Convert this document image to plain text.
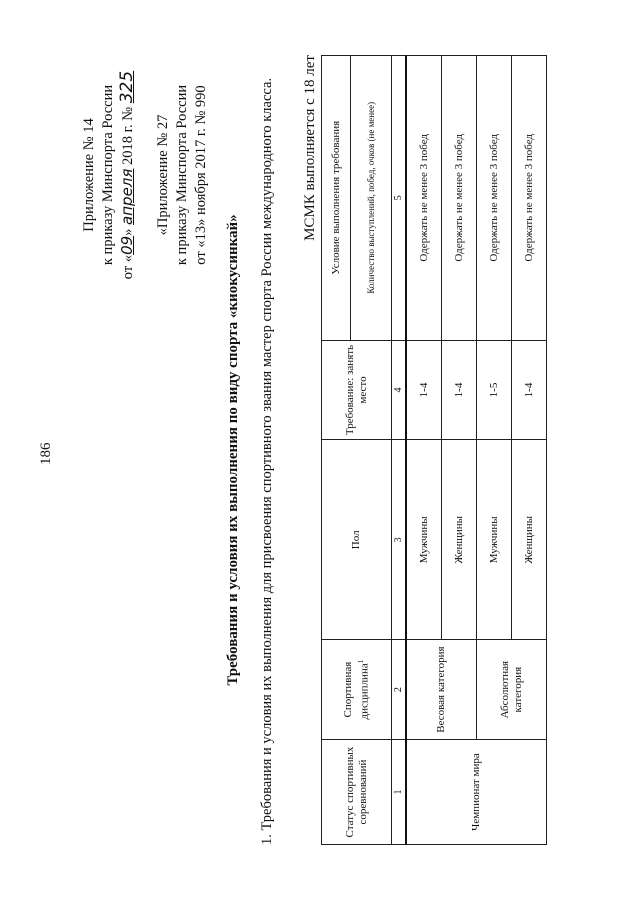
186
Приложение № 14 к приказу Минспорта России
от «09» апреля 2018 г. № 325
«Приложение № 27 к приказу Минспорта России от «13» ноября 2017 г. № 990
Требования и условия их выполнения по виду спорта «киокусинкай» 1. Требования и условия их выполнения для присвоения спортивного звания мастер спорта России международного класса. МСМК выполняется с 18 лет
Статус спортивных соревнований	Спортивная дисциплина$^1$	Пол	Требование: занять место	Условие выполнения требования
				Количество выступлений, побед, очков (не менее)
1	2	3	4	5
Чемпионат мира	Весовая категория	Мужчины	1-4	Одержать не менее 3 побед
		Женщины	1-4	Одержать не менее 3 побед
	Абсолютная категория	Мужчины	1-5	Одержать не менее 3 побед
		Женщины	1-4	Одержать не менее 3 побед
